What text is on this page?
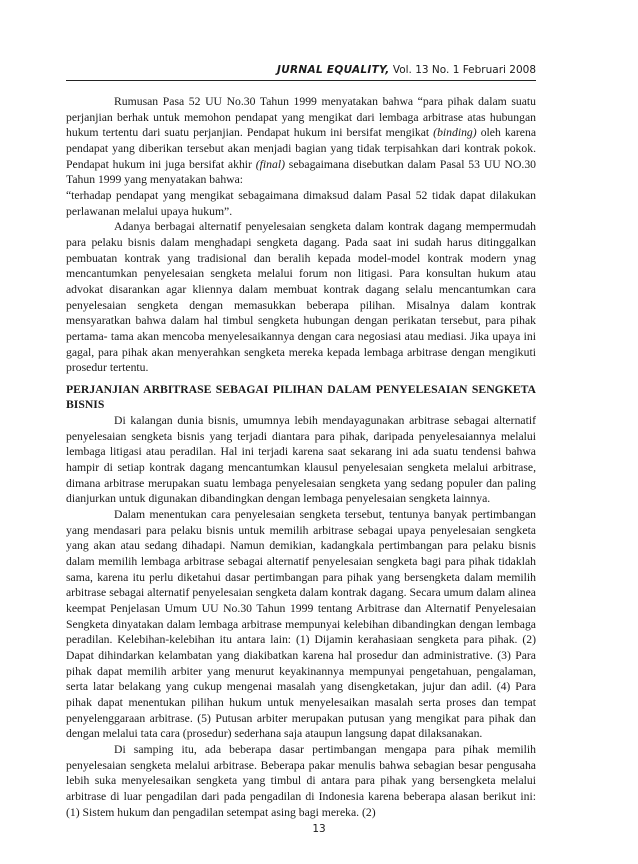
JURNAL EQUALITY, Vol. 13 No. 1 Februari 2008

Rumusan Pasa 52 UU No.30 Tahun 1999 menyatakan bahwa “para pihak dalam suatu perjanjian berhak untuk memohon pendapat yang mengikat dari lembaga arbitrase atas hubungan hukum tertentu dari suatu perjanjian. Pendapat hukum ini bersifat mengikat (binding) oleh karena pendapat yang diberikan tersebut akan menjadi bagian yang tidak terpisahkan dari kontrak pokok. Pendapat hukum ini juga bersifat akhir (final) sebagaimana disebutkan dalam Pasal 53 UU NO.30 Tahun 1999 yang menyatakan bahwa:

“terhadap pendapat yang mengikat sebagaimana dimaksud dalam Pasal 52 tidak dapat dilakukan perlawanan melalui upaya hukum”.

Adanya berbagai alternatif penyelesaian sengketa dalam kontrak dagang mempermudah para pelaku bisnis dalam menghadapi sengketa dagang. Pada saat ini sudah harus ditinggalkan pembuatan kontrak yang tradisional dan beralih kepada model-model kontrak modern ynag mencantumkan penyelesaian sengketa melalui forum non litigasi. Para konsultan hukum atau advokat disarankan agar kliennya dalam membuat kontrak dagang selalu mencantumkan cara penyelesaian sengketa dengan memasukkan beberapa pilihan. Misalnya dalam kontrak mensyaratkan bahwa dalam hal timbul sengketa hubungan dengan perikatan tersebut, para pihak pertama- tama akan mencoba menyelesaikannya dengan cara negosiasi atau mediasi. Jika upaya ini gagal, para pihak akan menyerahkan sengketa mereka kepada lembaga arbitrase dengan mengikuti prosedur tertentu.

PERJANJIAN ARBITRASE SEBAGAI PILIHAN DALAM PENYELESAIAN SENGKETA BISNIS

Di kalangan dunia bisnis, umumnya lebih mendayagunakan arbitrase sebagai alternatif penyelesaian sengketa bisnis yang terjadi diantara para pihak, daripada penyelesaiannya melalui lembaga litigasi atau peradilan. Hal ini terjadi karena saat sekarang ini ada suatu tendensi bahwa hampir di setiap kontrak dagang mencantumkan klausul penyelesaian sengketa melalui arbitrase, dimana arbitrase merupakan suatu lembaga penyelesaian sengketa yang sedang populer dan paling dianjurkan untuk digunakan dibandingkan dengan lembaga penyelesaian sengketa lainnya.

Dalam menentukan cara penyelesaian sengketa tersebut, tentunya banyak pertimbangan yang mendasari para pelaku bisnis untuk memilih arbitrase sebagai upaya penyelesaian sengketa yang akan atau sedang dihadapi. Namun demikian, kadangkala pertimbangan para pelaku bisnis dalam memilih lembaga arbitrase sebagai alternatif penyelesaian sengketa bagi para pihak tidaklah sama, karena itu perlu diketahui dasar pertimbangan para pihak yang bersengketa dalam memilih arbitrase sebagai alternatif penyelesaian sengketa dalam kontrak dagang. Secara umum dalam alinea keempat Penjelasan Umum UU No.30 Tahun 1999 tentang Arbitrase dan Alternatif Penyelesaian Sengketa dinyatakan dalam lembaga arbitrase mempunyai kelebihan dibandingkan dengan lembaga peradilan. Kelebihan-kelebihan itu antara lain: (1) Dijamin kerahasiaan sengketa para pihak. (2) Dapat dihindarkan kelambatan yang diakibatkan karena hal prosedur dan administrative. (3) Para pihak dapat memilih arbiter yang menurut keyakinannya mempunyai pengetahuan, pengalaman, serta latar belakang yang cukup mengenai masalah yang disengketakan, jujur dan adil. (4) Para pihak dapat menentukan pilihan hukum untuk menyelesaikan masalah serta proses dan tempat penyelenggaraan arbitrase. (5) Putusan arbiter merupakan putusan yang mengikat para pihak dan dengan melalui tata cara (prosedur) sederhana saja ataupun langsung dapat dilaksanakan.

Di samping itu, ada beberapa dasar pertimbangan mengapa para pihak memilih penyelesaian sengketa melalui arbitrase. Beberapa pakar menulis bahwa sebagian besar pengusaha lebih suka menyelesaikan sengketa yang timbul di antara para pihak yang bersengketa melalui arbitrase di luar pengadilan dari pada pengadilan di Indonesia karena beberapa alasan berikut ini: (1) Sistem hukum dan pengadilan setempat asing bagi mereka. (2)

13
